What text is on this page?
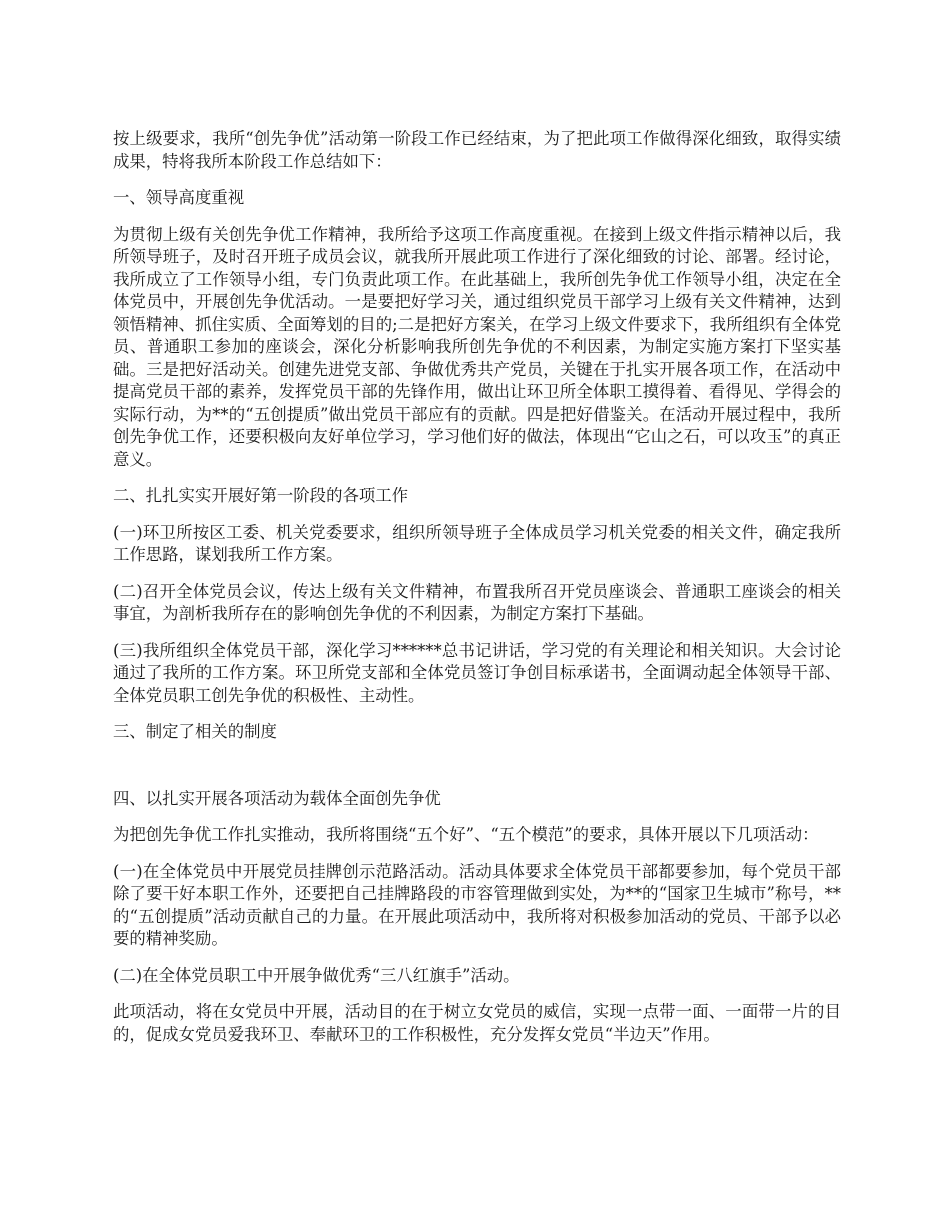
按上级要求，我所“创先争优”活动第一阶段工作已经结束，为了把此项工作做得深化细致，取得实绩成果，特将我所本阶段工作总结如下：

一、领导高度重视

为贯彻上级有关创先争优工作精神，我所给予这项工作高度重视。在接到上级文件指示精神以后，我所领导班子，及时召开班子成员会议，就我所开展此项工作进行了深化细致的讨论、部署。经讨论，我所成立了工作领导小组，专门负责此项工作。在此基础上，我所创先争优工作领导小组，决定在全体党员中，开展创先争优活动。一是要把好学习关，通过组织党员干部学习上级有关文件精神，达到领悟精神、抓住实质、全面筹划的目的;二是把好方案关，在学习上级文件要求下，我所组织有全体党员、普通职工参加的座谈会，深化分析影响我所创先争优的不利因素，为制定实施方案打下坚实基础。三是把好活动关。创建先进党支部、争做优秀共产党员，关键在于扎实开展各项工作，在活动中提高党员干部的素养，发挥党员干部的先锋作用，做出让环卫所全体职工摸得着、看得见、学得会的实际行动，为**的“五创提质”做出党员干部应有的贡献。四是把好借鉴关。在活动开展过程中，我所创先争优工作，还要积极向友好单位学习，学习他们好的做法，体现出“它山之石，可以攻玉”的真正意义。

二、扎扎实实开展好第一阶段的各项工作

(一)环卫所按区工委、机关党委要求，组织所领导班子全体成员学习机关党委的相关文件，确定我所工作思路，谋划我所工作方案。

(二)召开全体党员会议，传达上级有关文件精神，布置我所召开党员座谈会、普通职工座谈会的相关事宜，为剖析我所存在的影响创先争优的不利因素，为制定方案打下基础。

(三)我所组织全体党员干部，深化学习******总书记讲话，学习党的有关理论和相关知识。大会讨论通过了我所的工作方案。环卫所党支部和全体党员签订争创目标承诺书，全面调动起全体领导干部、全体党员职工创先争优的积极性、主动性。

三、制定了相关的制度

四、以扎实开展各项活动为载体全面创先争优

为把创先争优工作扎实推动，我所将围绕“五个好”、“五个模范”的要求，具体开展以下几项活动：

(一)在全体党员中开展党员挂牌创示范路活动。活动具体要求全体党员干部都要参加，每个党员干部除了要干好本职工作外，还要把自己挂牌路段的市容管理做到实处，为**的“国家卫生城市”称号，**的“五创提质”活动贡献自己的力量。在开展此项活动中，我所将对积极参加活动的党员、干部予以必要的精神奖励。

(二)在全体党员职工中开展争做优秀“三八红旗手”活动。

此项活动，将在女党员中开展，活动目的在于树立女党员的威信，实现一点带一面、一面带一片的目的，促成女党员爱我环卫、奉献环卫的工作积极性，充分发挥女党员“半边天”作用。
